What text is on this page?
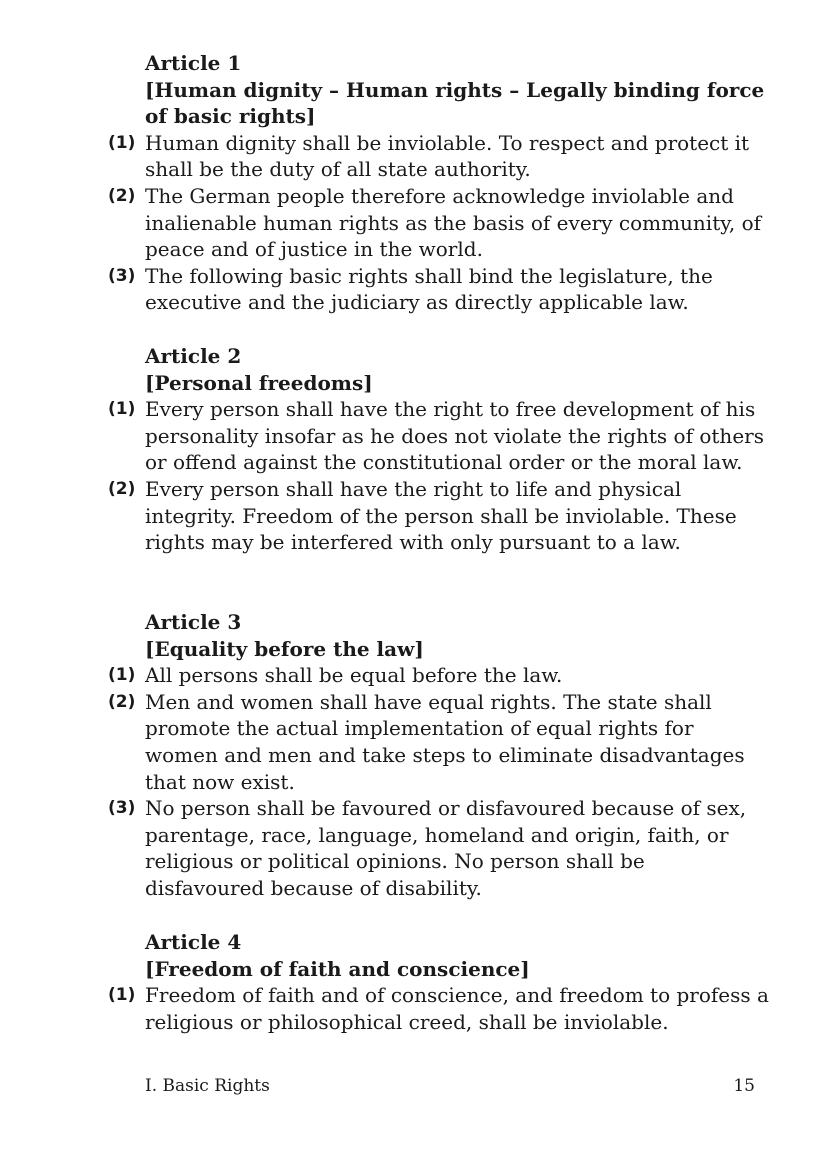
Article 1
[Human dignity – Human rights – Legally binding force of basic rights]
(1) Human dignity shall be inviolable. To respect and protect it shall be the duty of all state authority.
(2) The German people therefore acknowledge inviolable and inalienable human rights as the basis of every community, of peace and of justice in the world.
(3) The following basic rights shall bind the legislature, the executive and the judiciary as directly applicable law.
Article 2
[Personal freedoms]
(1) Every person shall have the right to free development of his personality insofar as he does not violate the rights of others or offend against the constitutional order or the moral law.
(2) Every person shall have the right to life and physical integrity. Freedom of the person shall be inviolable. These rights may be interfered with only pursuant to a law.
Article 3
[Equality before the law]
(1) All persons shall be equal before the law.
(2) Men and women shall have equal rights. The state shall promote the actual implementation of equal rights for women and men and take steps to eliminate disadvantages that now exist.
(3) No person shall be favoured or disfavoured because of sex, parentage, race, language, homeland and origin, faith, or religious or political opinions. No person shall be disfavoured because of disability.
Article 4
[Freedom of faith and conscience]
(1) Freedom of faith and of conscience, and freedom to profess a religious or philosophical creed, shall be inviolable.
I. Basic Rights	15
